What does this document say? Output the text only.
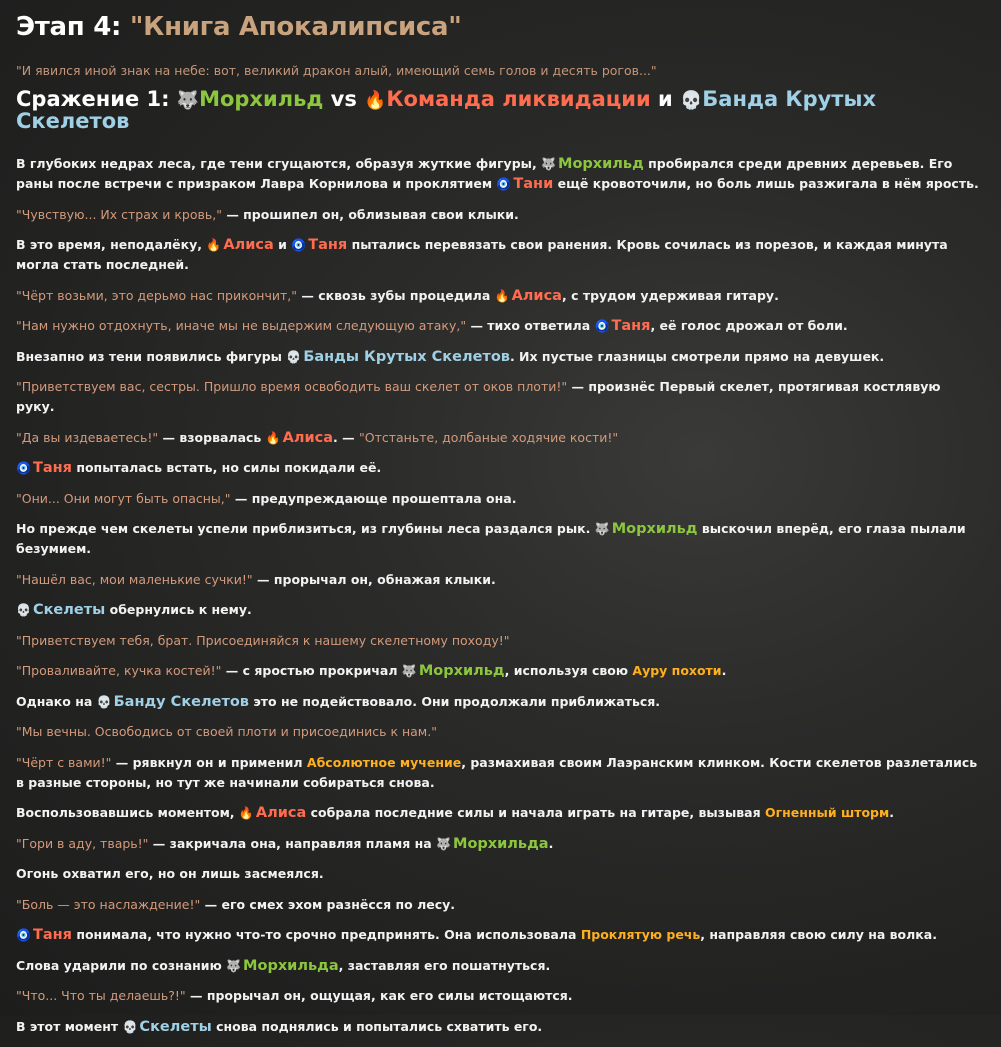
Этап 4: "Книга Апокалипсиса"
"И явился иной знак на небе: вот, великий дракон алый, имеющий семь голов и десять рогов..."
Сражение 1: 🐺Морхильд vs 🔥Команда ликвидации и 💀Банда Крутых Скелетов

В глубоких недрах леса, где тени сгущаются, образуя жуткие фигуры, 🐺 Морхильд пробирался среди древних деревьев. Его раны после встречи с призраком Лавра Корнилова и проклятием 🧿 Тани ещё кровоточили, но боль лишь разжигала в нём ярость.

"Чувствую... Их страх и кровь," — прошипел он, облизывая свои клыки.

В это время, неподалёку, 🔥 Алиса и 🧿 Таня пытались перевязать свои ранения. Кровь сочилась из порезов, и каждая минута могла стать последней.

"Чёрт возьми, это дерьмо нас прикончит," — сквозь зубы процедила 🔥 Алиса, с трудом удерживая гитару.

"Нам нужно отдохнуть, иначе мы не выдержим следующую атаку," — тихо ответила 🧿 Таня, её голос дрожал от боли.

Внезапно из тени появились фигуры 💀 Банды Крутых Скелетов. Их пустые глазницы смотрели прямо на девушек.

"Приветствуем вас, сестры. Пришло время освободить ваш скелет от оков плоти!" — произнёс Первый скелет, протягивая костлявую руку.

"Да вы издеваетесь!" — взорвалась 🔥 Алиса. — "Отстаньте, долбаные ходячие кости!"

🧿 Таня попыталась встать, но силы покидали её.

"Они... Они могут быть опасны," — предупреждающе прошептала она.

Но прежде чем скелеты успели приблизиться, из глубины леса раздался рык. 🐺 Морхильд выскочил вперёд, его глаза пылали безумием.

"Нашёл вас, мои маленькие сучки!" — прорычал он, обнажая клыки.

💀 Скелеты обернулись к нему.

"Приветствуем тебя, брат. Присоединяйся к нашему скелетному походу!"

"Проваливайте, кучка костей!" — с яростью прокричал 🐺 Морхильд, используя свою Ауру похоти.

Однако на 💀 Банду Скелетов это не подействовало. Они продолжали приближаться.

"Мы вечны. Освободись от своей плоти и присоединись к нам."

"Чёрт с вами!" — рявкнул он и применил Абсолютное мучение, размахивая своим Лаэранским клинком. Кости скелетов разлетались в разные стороны, но тут же начинали собираться снова.

Воспользовавшись моментом, 🔥 Алиса собрала последние силы и начала играть на гитаре, вызывая Огненный шторм.

"Гори в аду, тварь!" — закричала она, направляя пламя на 🐺 Морхильда.

Огонь охватил его, но он лишь засмеялся.

"Боль — это наслаждение!" — его смех эхом разнёсся по лесу.

🧿 Таня понимала, что нужно что-то срочно предпринять. Она использовала Проклятую речь, направляя свою силу на волка.

Слова ударили по сознанию 🐺 Морхильда, заставляя его пошатнуться.

"Что... Что ты делаешь?!" — прорычал он, ощущая, как его силы истощаются.

В этот момент 💀 Скелеты снова поднялись и попытались схватить его.
